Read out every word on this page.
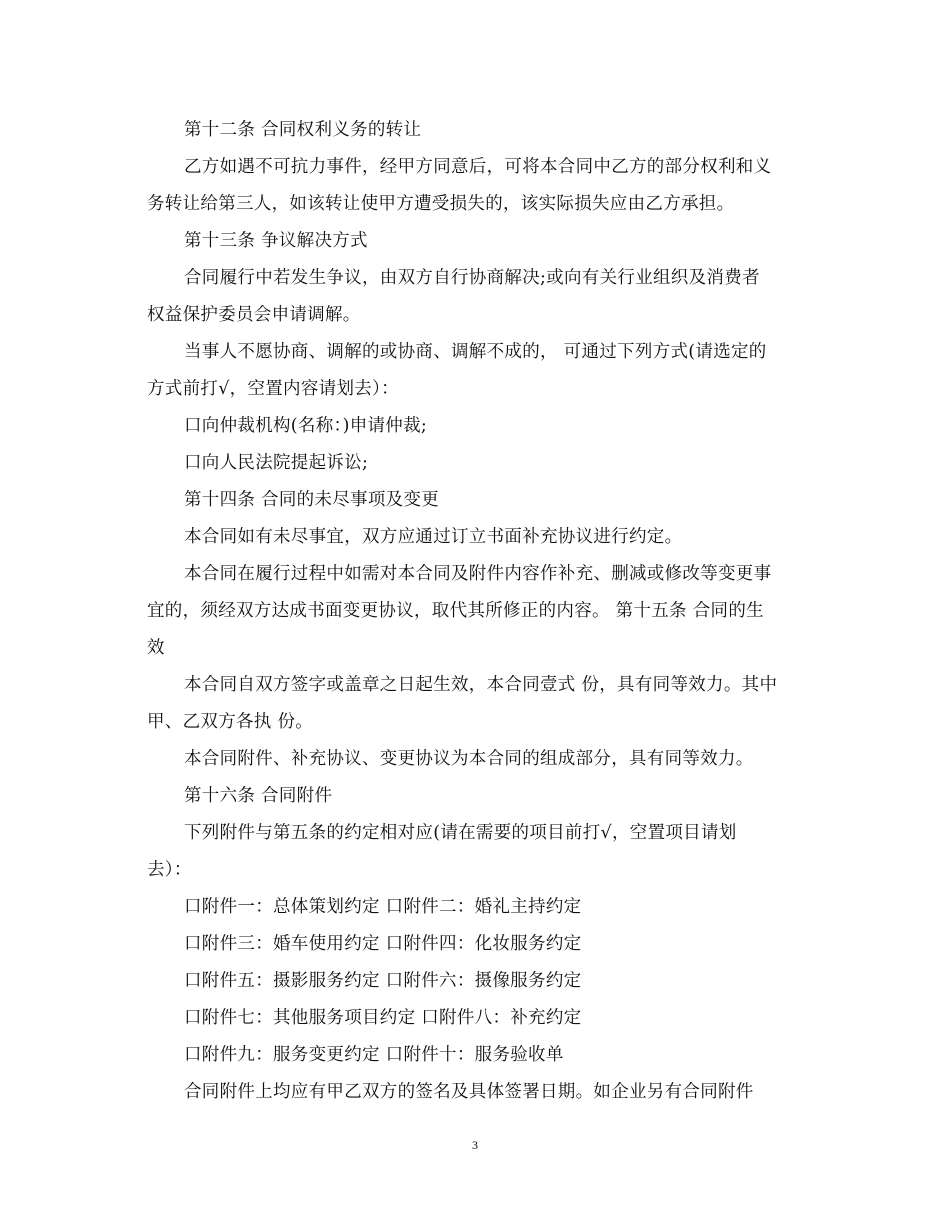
第十二条 合同权利义务的转让
乙方如遇不可抗力事件，经甲方同意后，可将本合同中乙方的部分权利和义
务转让给第三人，如该转让使甲方遭受损失的，该实际损失应由乙方承担。
第十三条 争议解决方式
合同履行中若发生争议，由双方自行协商解决;或向有关行业组织及消费者
权益保护委员会申请调解。
当事人不愿协商、调解的或协商、调解不成的， 可通过下列方式(请选定的
方式前打√，空置内容请划去）：
口向仲裁机构(名称：)申请仲裁;
口向人民法院提起诉讼;
第十四条 合同的未尽事项及变更
本合同如有未尽事宜，双方应通过订立书面补充协议进行约定。
本合同在履行过程中如需对本合同及附件内容作补充、删减或修改等变更事
宜的，须经双方达成书面变更协议，取代其所修正的内容。 第十五条 合同的生
效
本合同自双方签字或盖章之日起生效，本合同壹式 份，具有同等效力。其中
甲、乙双方各执 份。
本合同附件、补充协议、变更协议为本合同的组成部分，具有同等效力。
第十六条 合同附件
下列附件与第五条的约定相对应(请在需要的项目前打√，空置项目请划
去）：
口附件一：总体策划约定 口附件二：婚礼主持约定
口附件三：婚车使用约定 口附件四：化妆服务约定
口附件五：摄影服务约定 口附件六：摄像服务约定
口附件七：其他服务项目约定 口附件八：补充约定
口附件九：服务变更约定 口附件十：服务验收单
合同附件上均应有甲乙双方的签名及具体签署日期。如企业另有合同附件
3
